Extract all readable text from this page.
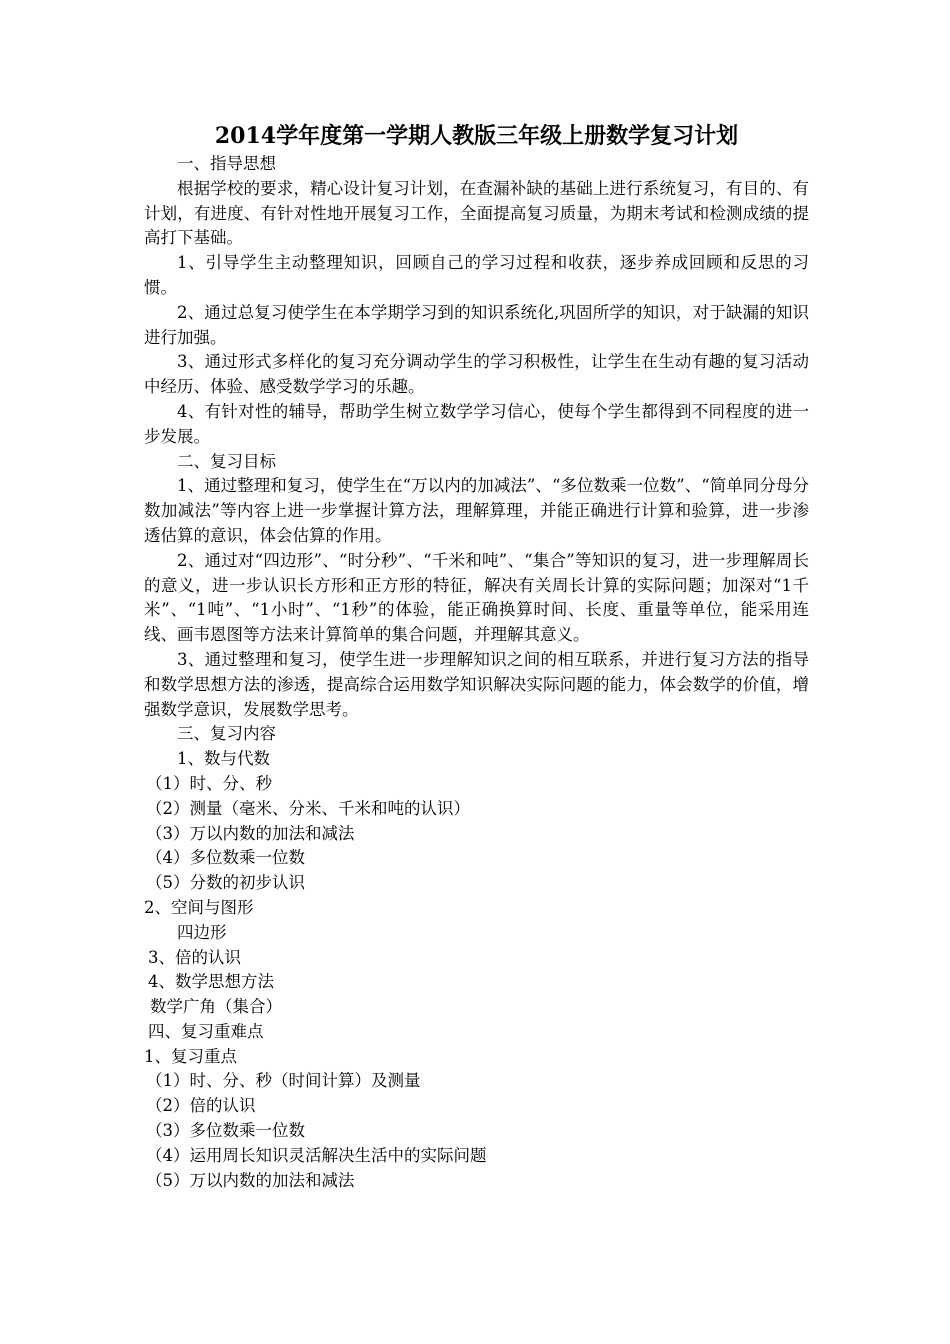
2014学年度第一学期人教版三年级上册数学复习计划

一、指导思想

根据学校的要求，精心设计复习计划，在查漏补缺的基础上进行系统复习，有目的、有计划，有进度、有针对性地开展复习工作，全面提高复习质量，为期末考试和检测成绩的提高打下基础。

1、引导学生主动整理知识，回顾自己的学习过程和收获，逐步养成回顾和反思的习惯。

2、通过总复习使学生在本学期学习到的知识系统化,巩固所学的知识，对于缺漏的知识进行加强。

3、通过形式多样化的复习充分调动学生的学习积极性，让学生在生动有趣的复习活动中经历、体验、感受数学学习的乐趣。

4、有针对性的辅导，帮助学生树立数学学习信心，使每个学生都得到不同程度的进一步发展。

二、复习目标

1、通过整理和复习，使学生在“万以内的加减法”、“多位数乘一位数”、“简单同分母分数加减法”等内容上进一步掌握计算方法，理解算理，并能正确进行计算和验算，进一步渗透估算的意识，体会估算的作用。

2、通过对“四边形”、“时分秒”、“千米和吨”、“集合”等知识的复习，进一步理解周长的意义，进一步认识长方形和正方形的特征，解决有关周长计算的实际问题；加深对“1千米”、“1吨”、“1小时”、“1秒”的体验，能正确换算时间、长度、重量等单位，能采用连线、画韦恩图等方法来计算简单的集合问题，并理解其意义。

3、通过整理和复习，使学生进一步理解知识之间的相互联系，并进行复习方法的指导和数学思想方法的渗透，提高综合运用数学知识解决实际问题的能力，体会数学的价值，增强数学意识，发展数学思考。

三、复习内容

1、数与代数

（1）时、分、秒

（2）测量（毫米、分米、千米和吨的认识）

（3）万以内数的加法和减法

（4）多位数乘一位数

（5）分数的初步认识

2、空间与图形

四边形

3、倍的认识

4、数学思想方法

数学广角（集合）

四、复习重难点

1、复习重点

（1）时、分、秒（时间计算）及测量

（2）倍的认识

（3）多位数乘一位数

（4）运用周长知识灵活解决生活中的实际问题

（5）万以内数的加法和减法
